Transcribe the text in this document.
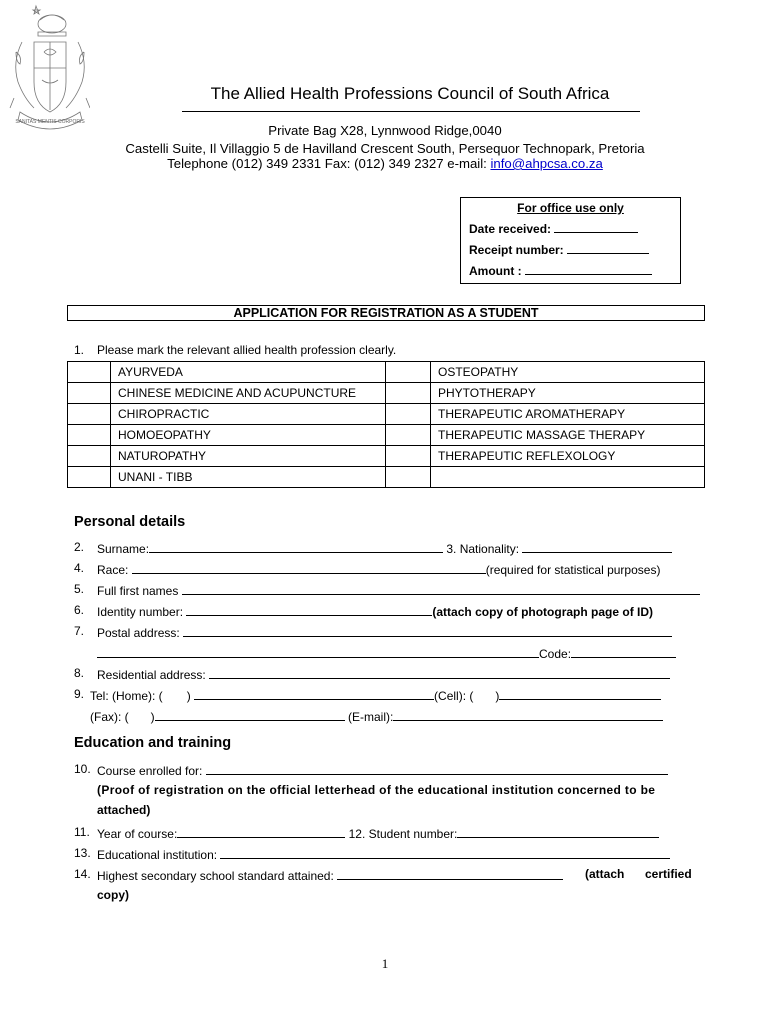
SANITAS MENTIS CORPORIS
The Allied Health Professions Council of South Africa
Private Bag X28, Lynnwood Ridge,0040
Castelli Suite, Il Villaggio 5 de Havilland Crescent South, Persequor Technopark, Pretoria
Telephone (012) 349 2331 Fax: (012) 349 2327 e-mail: info@ahpcsa.co.za
For office use only
Date received:
Receipt number:
Amount :
APPLICATION FOR REGISTRATION AS A STUDENT
1. Please mark the relevant allied health profession clearly.
	AYURVEDA		OSTEOPATHY
	CHINESE MEDICINE AND ACUPUNCTURE		PHYTOTHERAPY
	CHIROPRACTIC		THERAPEUTIC AROMATHERAPY
	HOMOEOPATHY		THERAPEUTIC MASSAGE THERAPY
	NATUROPATHY		THERAPEUTIC REFLEXOLOGY
	UNANI - TIBB		
Personal details
2. Surname:	3. Nationality:
4. Race:	(required for statistical purposes)
5. Full first names
6. Identity number:	(attach copy of photograph page of ID)
7. Postal address:
Code:
8. Residential address:
9. Tel: (Home): ( )	(Cell): ( )
(Fax): ( )	(E-mail):
Education and training
10. Course enrolled for:
(Proof of registration on the official letterhead of the educational institution concerned to be
attached)
11. Year of course:	12. Student number:
13. Educational institution:
14. Highest secondary school standard attained:	(attach certified
copy)
1
